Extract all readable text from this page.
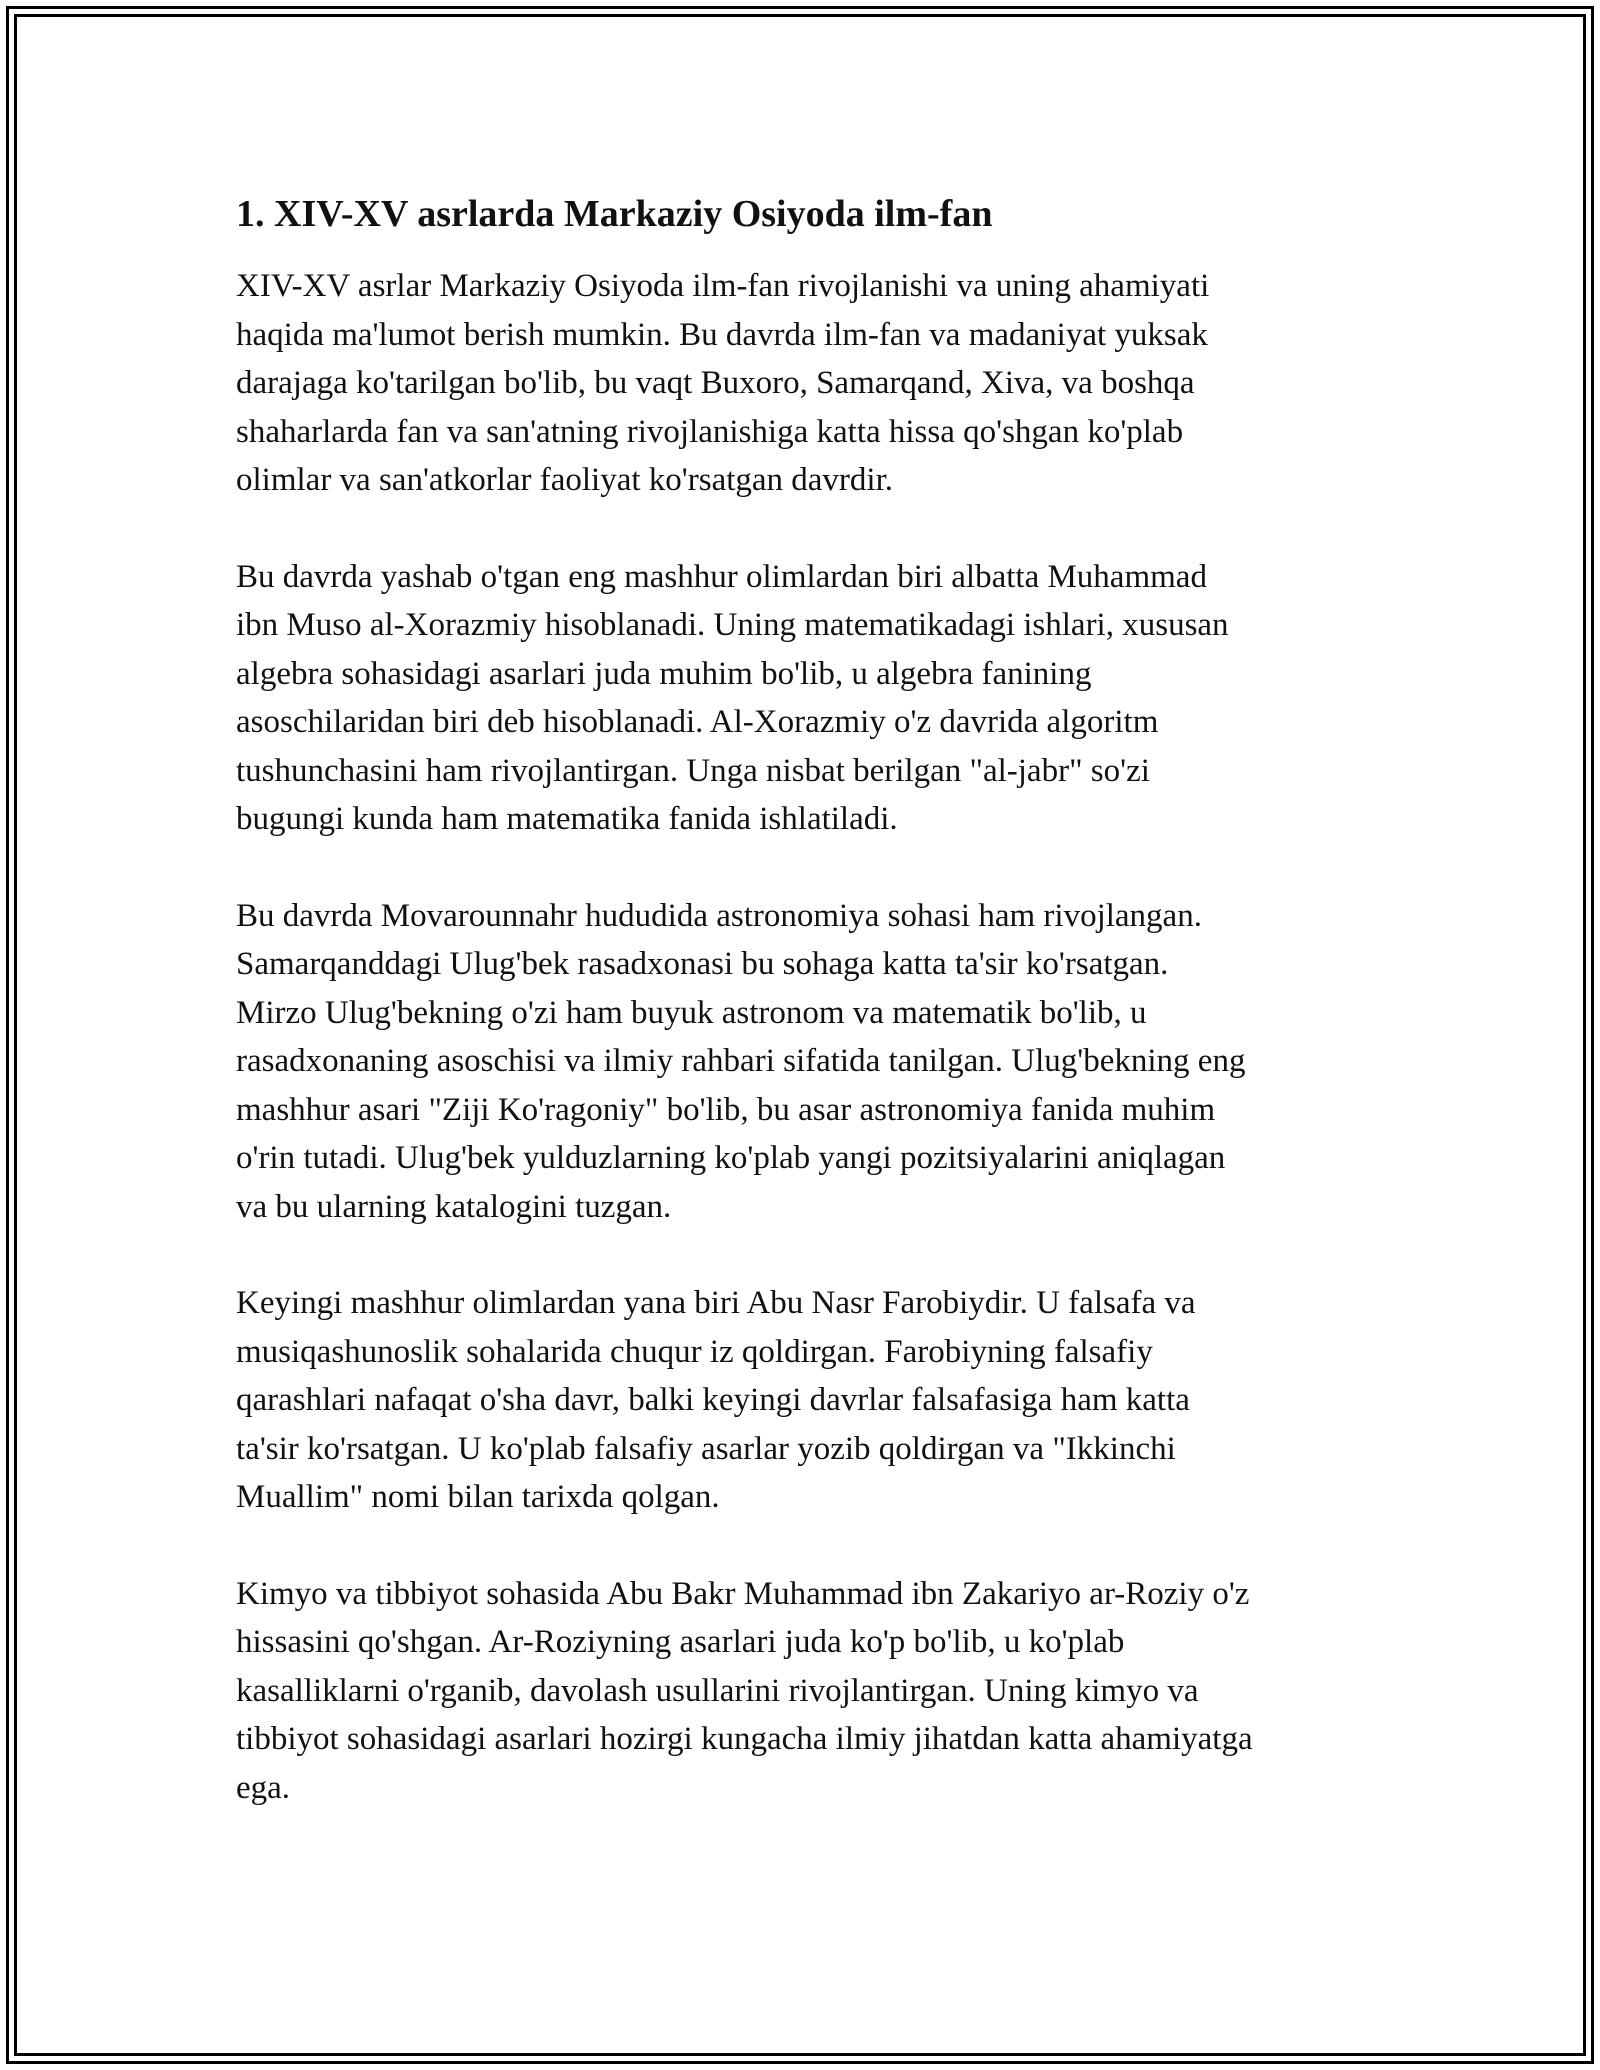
1. XIV-XV asrlarda Markaziy Osiyoda ilm-fan

XIV-XV asrlar Markaziy Osiyoda ilm-fan rivojlanishi va uning ahamiyati
haqida ma'lumot berish mumkin. Bu davrda ilm-fan va madaniyat yuksak
darajaga ko'tarilgan bo'lib, bu vaqt Buxoro, Samarqand, Xiva, va boshqa
shaharlarda fan va san'atning rivojlanishiga katta hissa qo'shgan ko'plab
olimlar va san'atkorlar faoliyat ko'rsatgan davrdir.

Bu davrda yashab o'tgan eng mashhur olimlardan biri albatta Muhammad
ibn Muso al-Xorazmiy hisoblanadi. Uning matematikadagi ishlari, xususan
algebra sohasidagi asarlari juda muhim bo'lib, u algebra fanining
asoschilaridan biri deb hisoblanadi. Al-Xorazmiy o'z davrida algoritm
tushunchasini ham rivojlantirgan. Unga nisbat berilgan "al-jabr" so'zi
bugungi kunda ham matematika fanida ishlatiladi.

Bu davrda Movarounnahr hududida astronomiya sohasi ham rivojlangan.
Samarqanddagi Ulug'bek rasadxonasi bu sohaga katta ta'sir ko'rsatgan.
Mirzo Ulug'bekning o'zi ham buyuk astronom va matematik bo'lib, u
rasadxonaning asoschisi va ilmiy rahbari sifatida tanilgan. Ulug'bekning eng
mashhur asari "Ziji Ko'ragoniy" bo'lib, bu asar astronomiya fanida muhim
o'rin tutadi. Ulug'bek yulduzlarning ko'plab yangi pozitsiyalarini aniqlagan
va bu ularning katalogini tuzgan.

Keyingi mashhur olimlardan yana biri Abu Nasr Farobiydir. U falsafa va
musiqashunoslik sohalarida chuqur iz qoldirgan. Farobiyning falsafiy
qarashlari nafaqat o'sha davr, balki keyingi davrlar falsafasiga ham katta
ta'sir ko'rsatgan. U ko'plab falsafiy asarlar yozib qoldirgan va "Ikkinchi
Muallim" nomi bilan tarixda qolgan.

Kimyo va tibbiyot sohasida Abu Bakr Muhammad ibn Zakariyo ar-Roziy o'z
hissasini qo'shgan. Ar-Roziyning asarlari juda ko'p bo'lib, u ko'plab
kasalliklarni o'rganib, davolash usullarini rivojlantirgan. Uning kimyo va
tibbiyot sohasidagi asarlari hozirgi kungacha ilmiy jihatdan katta ahamiyatga
ega.
